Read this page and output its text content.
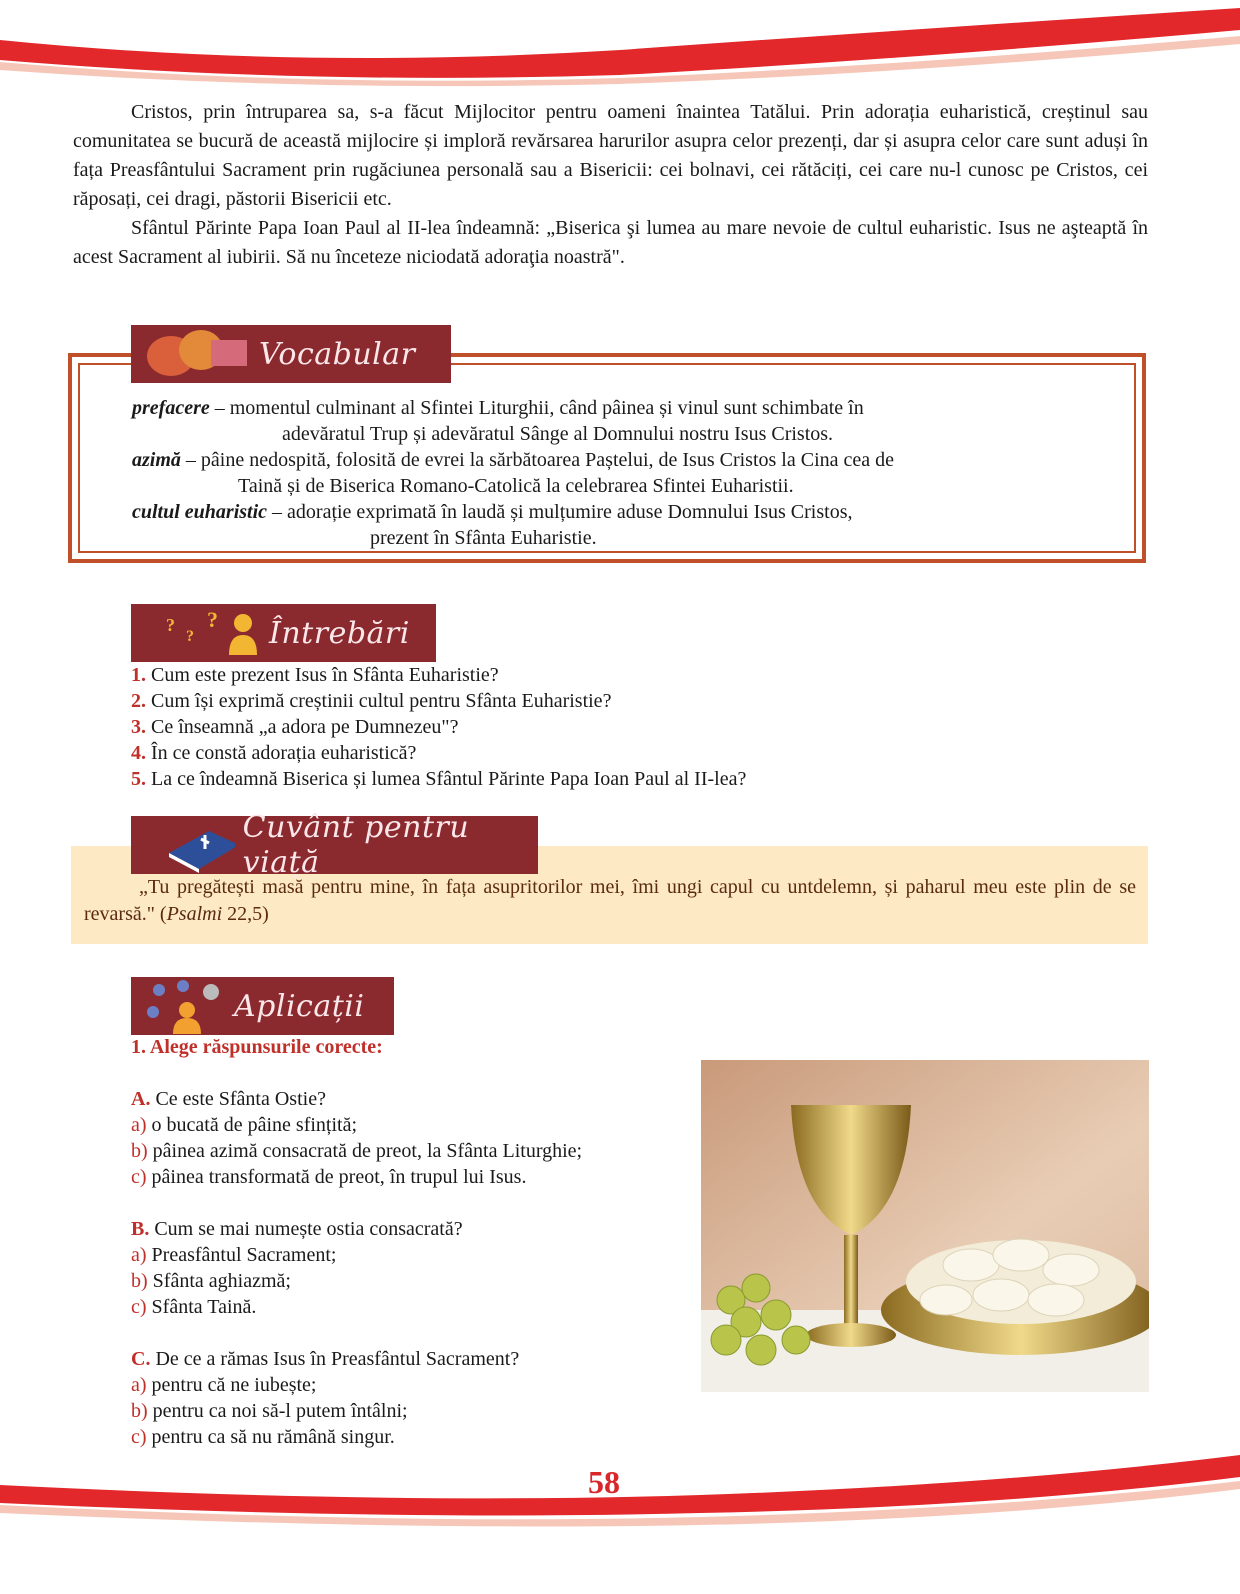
Cristos, prin întruparea sa, s-a făcut Mijlocitor pentru oameni înaintea Tatălui. Prin adorația euharistică, creștinul sau comunitatea se bucură de această mijlocire și imploră revărsarea harurilor asupra celor prezenți, dar și asupra celor care sunt aduși în fața Preasfântului Sacrament prin rugăciunea personală sau a Bisericii: cei bolnavi, cei rătăciți, cei care nu-l cunosc pe Cristos, cei răposați, cei dragi, păstorii Bisericii etc.

Sfântul Părinte Papa Ioan Paul al II-lea îndeamnă: „Biserica şi lumea au mare nevoie de cultul euharistic. Isus ne aşteaptă în acest Sacrament al iubirii. Să nu înceteze niciodată adoraţia noastră".

Vocabular
prefacere – momentul culminant al Sfintei Liturghii, când pâinea și vinul sunt schimbate în
adevăratul Trup și adevăratul Sânge al Domnului nostru Isus Cristos.
azimă – pâine nedospită, folosită de evrei la sărbătoarea Paștelui, de Isus Cristos la Cina cea de
Taină și de Biserica Romano-Catolică la celebrarea Sfintei Euharistii.
cultul euharistic – adorație exprimată în laudă și mulțumire aduse Domnului Isus Cristos,
prezent în Sfânta Euharistie.
?
?
? Întrebări
1. Cum este prezent Isus în Sfânta Euharistie?
2. Cum își exprimă creștinii cultul pentru Sfânta Euharistie?
3. Ce înseamnă „a adora pe Dumnezeu"?
4. În ce constă adorația euharistică?
5. La ce îndeamnă Biserica și lumea Sfântul Părinte Papa Ioan Paul al II-lea?
Cuvânt pentru viață
„Tu pregătești masă pentru mine, în fața asupritorilor mei, îmi ungi capul cu untdelemn, și paharul meu este plin de se revarsă." (Psalmi 22,5)
Aplicații
1. Alege răspunsurile corecte:
A. Ce este Sfânta Ostie?
a) o bucată de pâine sfințită;
b) pâinea azimă consacrată de preot, la Sfânta Liturghie;
c) pâinea transformată de preot, în trupul lui Isus.
B. Cum se mai numește ostia consacrată?
a) Preasfântul Sacrament;
b) Sfânta aghiazmă;
c) Sfânta Taină.
C. De ce a rămas Isus în Preasfântul Sacrament?
a) pentru că ne iubește;
b) pentru ca noi să-l putem întâlni;
c) pentru ca să nu rămână singur.
58
